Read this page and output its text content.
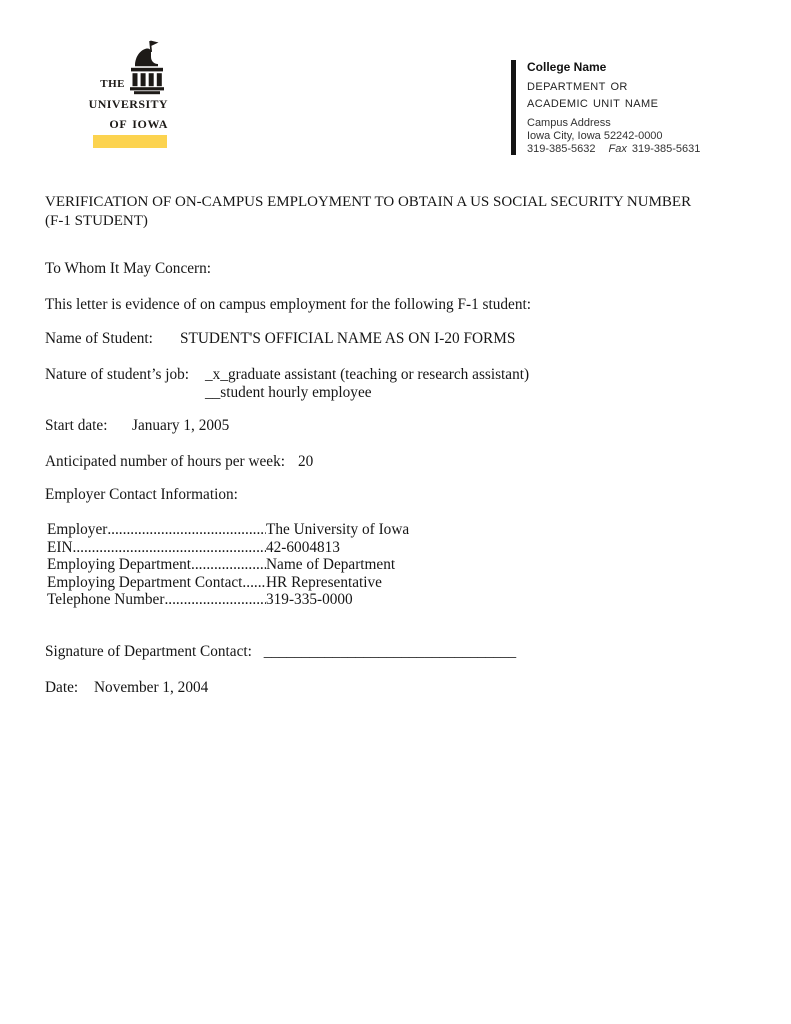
the
university
of iowa
College Name
department or
academic unit name
Campus Address
Iowa City, Iowa 52242-0000
319-385-5632 Fax 319-385-5631
VERIFICATION OF ON-CAMPUS EMPLOYMENT TO OBTAIN A US SOCIAL SECURITY NUMBER
(F-1 STUDENT)
To Whom It May Concern:
This letter is evidence of on campus employment for the following F-1 student:
Name of Student: STUDENT'S OFFICIAL NAME AS ON I-20 FORMS
Nature of student’s job: _x_graduate assistant (teaching or research assistant)
__student hourly employee
Start date: January 1, 2005
Anticipated number of hours per week: 20
Employer Contact Information:
Employer .....	The University of Iowa
EIN .....	42-6004813
Employing Department .....	Name of Department
Employing Department Contact ..... HR Representative
Telephone Number .....	319-335-0000
Signature of Department Contact: _________________________________
Date: November 1, 2004
